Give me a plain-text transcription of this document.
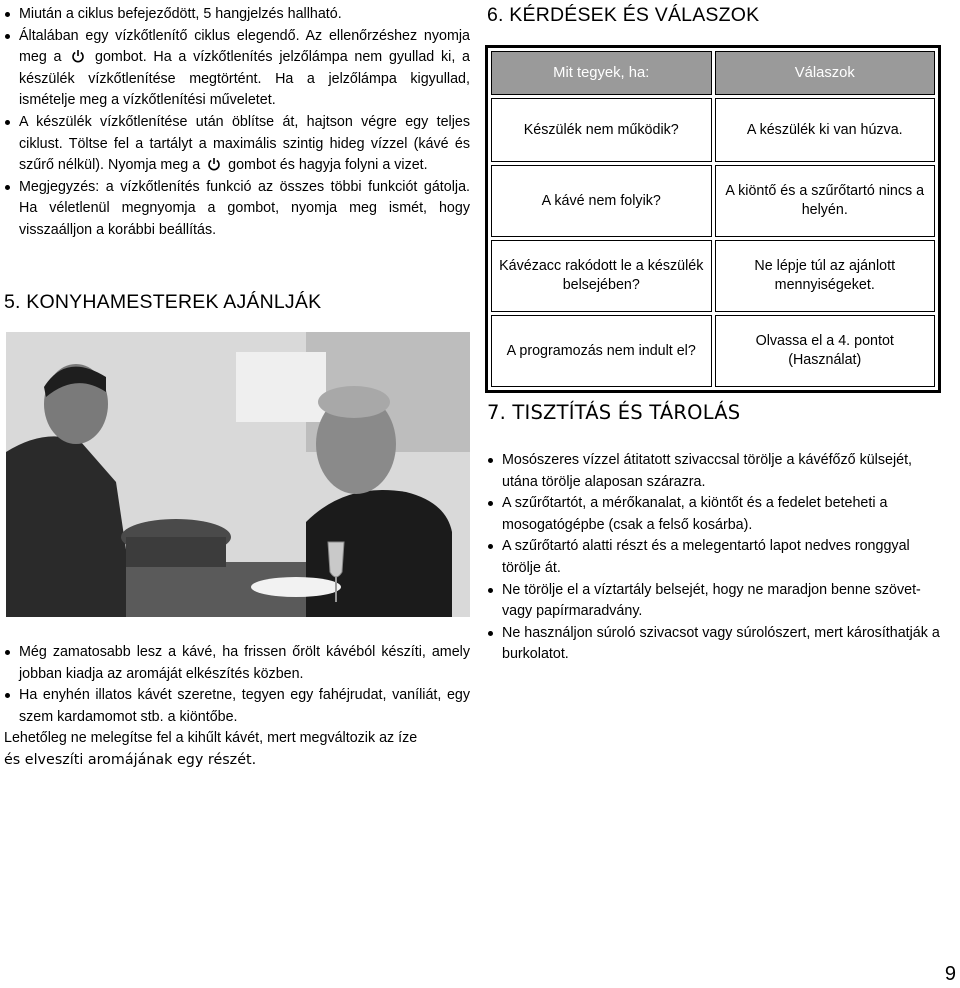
Miután a ciklus befejeződött, 5 hangjelzés hallható.
Általában egy vízkőtlenítő ciklus elegendő. Az ellenőrzéshez nyomja meg a gombot. Ha a vízkőtlenítés jelzőlámpa nem gyullad ki, a készülék vízkőtlenítése megtörtént. Ha a jelzőlámpa kigyullad, ismételje meg a vízkőtlenítési műveletet.
A készülék vízkőtlenítése után öblítse át, hajtson végre egy teljes ciklust. Töltse fel a tartályt a maximális szintig hideg vízzel (kávé és szűrő nélkül). Nyomja meg a gombot és hagyja folyni a vizet.
Megjegyzés: a vízkőtlenítés funkció az összes többi funkciót gátolja. Ha véletlenül megnyomja a gombot, nyomja meg ismét, hogy visszaálljon a korábbi beállítás.
5. KONYHAMESTEREK AJÁNLJÁK
Még zamatosabb lesz a kávé, ha frissen őrölt kávéból készíti, amely jobban kiadja az aromáját elkészítés közben.
Ha enyhén illatos kávét szeretne, tegyen egy fahéjrudat, vaníliát, egy szem kardamomot stb. a kiöntőbe.
Lehetőleg ne melegítse fel a kihűlt kávét, mert megváltozik az íze
és elveszíti aromájának egy részét.
6. KÉRDÉSEK ÉS VÁLASZOK
Mit tegyek, ha:	Válaszok
Készülék nem működik?	A készülék ki van húzva.
A kávé nem folyik?	A kiöntő és a szűrőtartó nincs a helyén.
Kávézacc rakódott le a készülék belsejében?	Ne lépje túl az ajánlott mennyiségeket.
A programozás nem indult el?	Olvassa el a 4. pontot (Használat)
7. TISZTÍTÁS ÉS TÁROLÁS
Mosószeres vízzel átitatott szivaccsal törölje a kávéfőző külsejét, utána törölje alaposan szárazra.
A szűrőtartót, a mérőkanalat, a kiöntőt és a fedelet beteheti a mosogatógépbe (csak a felső kosárba).
A szűrőtartó alatti részt és a melegentartó lapot nedves ronggyal törölje át.
Ne törölje el a víztartály belsejét, hogy ne maradjon benne szövet- vagy papírmaradvány.
Ne használjon súroló szivacsot vagy súrolószert, mert károsíthatják a burkolatot.
9
